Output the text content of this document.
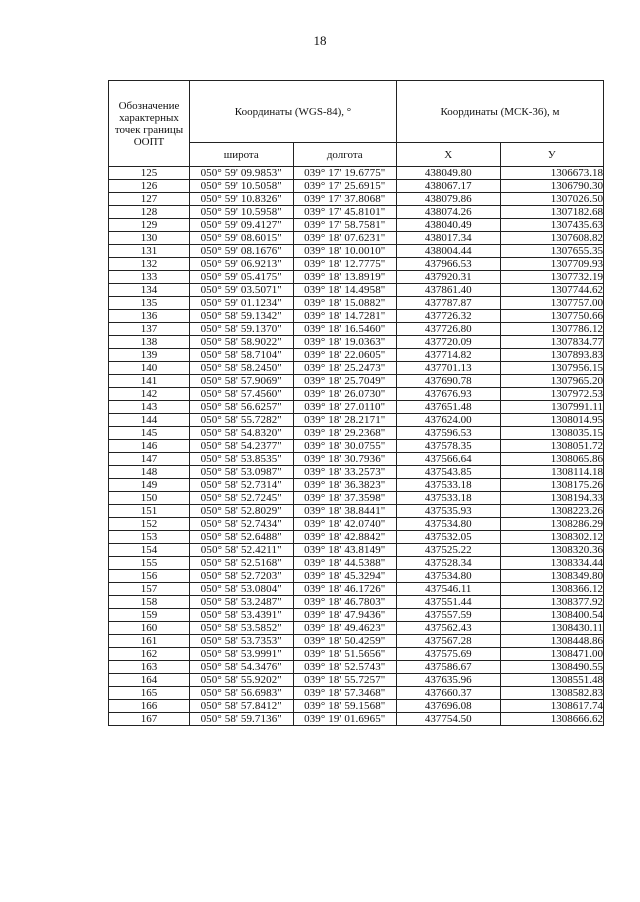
18
Обозначение характерных точек границы ООПТ	Координаты (WGS-84), °		Координаты (МСК-36), м	
	широта	долгота	Х	У
125	050° 59' 09.9853"	039° 17' 19.6775"	438049.80	1306673.18
126	050° 59' 10.5058"	039° 17' 25.6915"	438067.17	1306790.30
127	050° 59' 10.8326"	039° 17' 37.8068"	438079.86	1307026.50
128	050° 59' 10.5958"	039° 17' 45.8101"	438074.26	1307182.68
129	050° 59' 09.4127"	039° 17' 58.7581"	438040.49	1307435.63
130	050° 59' 08.6015"	039° 18' 07.6231"	438017.34	1307608.82
131	050° 59' 08.1676"	039° 18' 10.0010"	438004.44	1307655.35
132	050° 59' 06.9213"	039° 18' 12.7775"	437966.53	1307709.93
133	050° 59' 05.4175"	039° 18' 13.8919"	437920.31	1307732.19
134	050° 59' 03.5071"	039° 18' 14.4958"	437861.40	1307744.62
135	050° 59' 01.1234"	039° 18' 15.0882"	437787.87	1307757.00
136	050° 58' 59.1342"	039° 18' 14.7281"	437726.32	1307750.66
137	050° 58' 59.1370"	039° 18' 16.5460"	437726.80	1307786.12
138	050° 58' 58.9022"	039° 18' 19.0363"	437720.09	1307834.77
139	050° 58' 58.7104"	039° 18' 22.0605"	437714.82	1307893.83
140	050° 58' 58.2450"	039° 18' 25.2473"	437701.13	1307956.15
141	050° 58' 57.9069"	039° 18' 25.7049"	437690.78	1307965.20
142	050° 58' 57.4560"	039° 18' 26.0730"	437676.93	1307972.53
143	050° 58' 56.6257"	039° 18' 27.0110"	437651.48	1307991.11
144	050° 58' 55.7282"	039° 18' 28.2171"	437624.00	1308014.95
145	050° 58' 54.8320"	039° 18' 29.2368"	437596.53	1308035.15
146	050° 58' 54.2377"	039° 18' 30.0755"	437578.35	1308051.72
147	050° 58' 53.8535"	039° 18' 30.7936"	437566.64	1308065.86
148	050° 58' 53.0987"	039° 18' 33.2573"	437543.85	1308114.18
149	050° 58' 52.7314"	039° 18' 36.3823"	437533.18	1308175.26
150	050° 58' 52.7245"	039° 18' 37.3598"	437533.18	1308194.33
151	050° 58' 52.8029"	039° 18' 38.8441"	437535.93	1308223.26
152	050° 58' 52.7434"	039° 18' 42.0740"	437534.80	1308286.29
153	050° 58' 52.6488"	039° 18' 42.8842"	437532.05	1308302.12
154	050° 58' 52.4211"	039° 18' 43.8149"	437525.22	1308320.36
155	050° 58' 52.5168"	039° 18' 44.5388"	437528.34	1308334.44
156	050° 58' 52.7203"	039° 18' 45.3294"	437534.80	1308349.80
157	050° 58' 53.0804"	039° 18' 46.1726"	437546.11	1308366.12
158	050° 58' 53.2487"	039° 18' 46.7803"	437551.44	1308377.92
159	050° 58' 53.4391"	039° 18' 47.9436"	437557.59	1308400.54
160	050° 58' 53.5852"	039° 18' 49.4623"	437562.43	1308430.11
161	050° 58' 53.7353"	039° 18' 50.4259"	437567.28	1308448.86
162	050° 58' 53.9991"	039° 18' 51.5656"	437575.69	1308471.00
163	050° 58' 54.3476"	039° 18' 52.5743"	437586.67	1308490.55
164	050° 58' 55.9202"	039° 18' 55.7257"	437635.96	1308551.48
165	050° 58' 56.6983"	039° 18' 57.3468"	437660.37	1308582.83
166	050° 58' 57.8412"	039° 18' 59.1568"	437696.08	1308617.74
167	050° 58' 59.7136"	039° 19' 01.6965"	437754.50	1308666.62
